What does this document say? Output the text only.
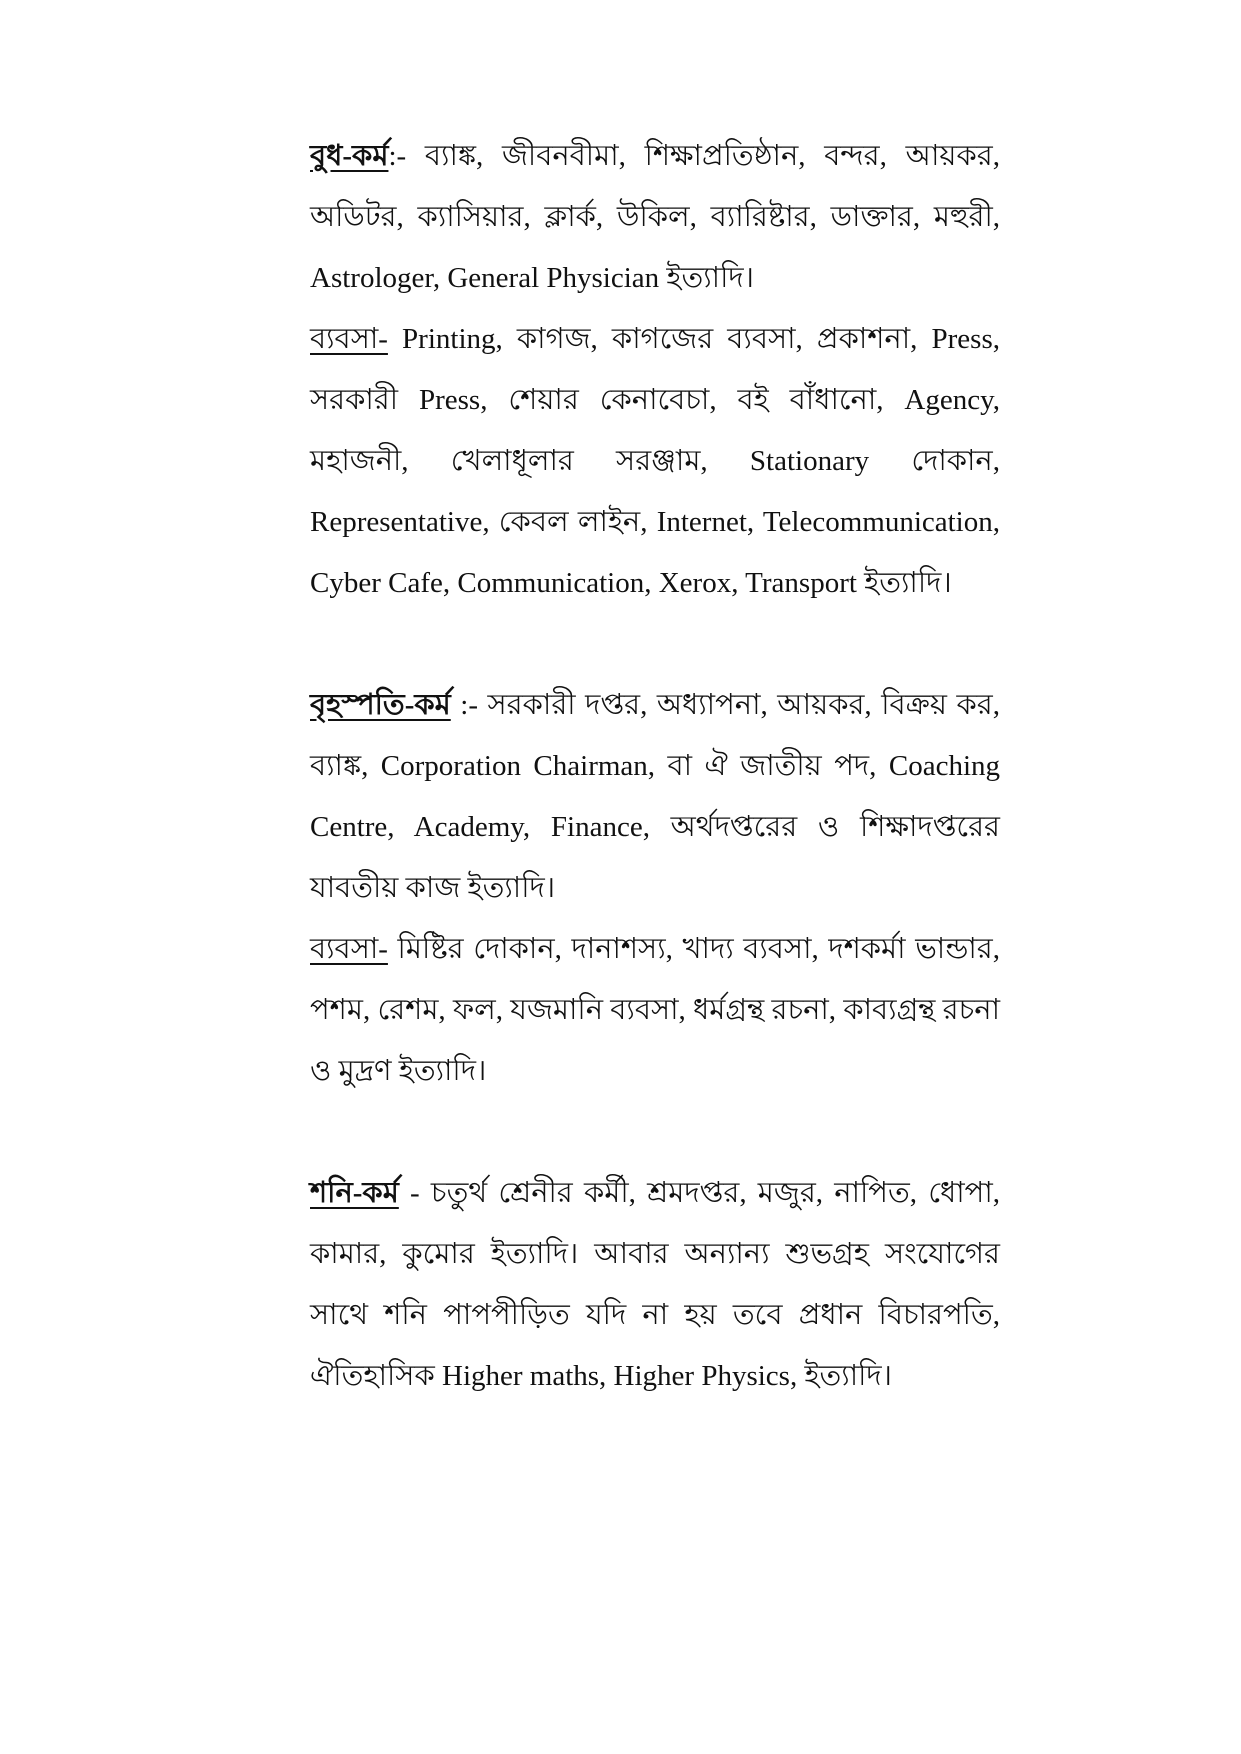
বুধ-কর্ম:- ব্যাঙ্ক, জীবনবীমা, শিক্ষাপ্রতিষ্ঠান, বন্দর, আয়কর, অডিটর, ক্যাসিয়ার, ক্লার্ক, উকিল, ব্যারিষ্টার, ডাক্তার, মহুরী, Astrologer, General Physician ইত্যাদি।

ব্যবসা- Printing, কাগজ, কাগজের ব্যবসা, প্রকাশনা, Press, সরকারী Press, শেয়ার কেনাবেচা, বই বাঁধানো, Agency, মহাজনী, খেলাধূলার সরঞ্জাম, Stationary দোকান, Representative, কেবল লাইন, Internet, Telecommunication, Cyber Cafe, Communication, Xerox, Transport ইত্যাদি।

বৃহস্পতি-কর্ম :- সরকারী দপ্তর, অধ্যাপনা, আয়কর, বিক্রয় কর, ব্যাঙ্ক, Corporation Chairman, বা ঐ জাতীয় পদ, Coaching Centre, Academy, Finance, অর্থদপ্তরের ও শিক্ষাদপ্তরের যাবতীয় কাজ ইত্যাদি।

ব্যবসা- মিষ্টির দোকান, দানাশস্য, খাদ্য ব্যবসা, দশকর্মা ভান্ডার, পশম, রেশম, ফল, যজমানি ব্যবসা, ধর্মগ্রন্থ রচনা, কাব্যগ্রন্থ রচনা ও মুদ্রণ ইত্যাদি।

শনি-কর্ম - চতুর্থ শ্রেনীর কর্মী, শ্রমদপ্তর, মজুর, নাপিত, ধোপা, কামার, কুমোর ইত্যাদি। আবার অন্যান্য শুভগ্রহ সংযোগের সাথে শনি পাপপীড়িত যদি না হয় তবে প্রধান বিচারপতি, ঐতিহাসিক Higher maths, Higher Physics, ইত্যাদি।
